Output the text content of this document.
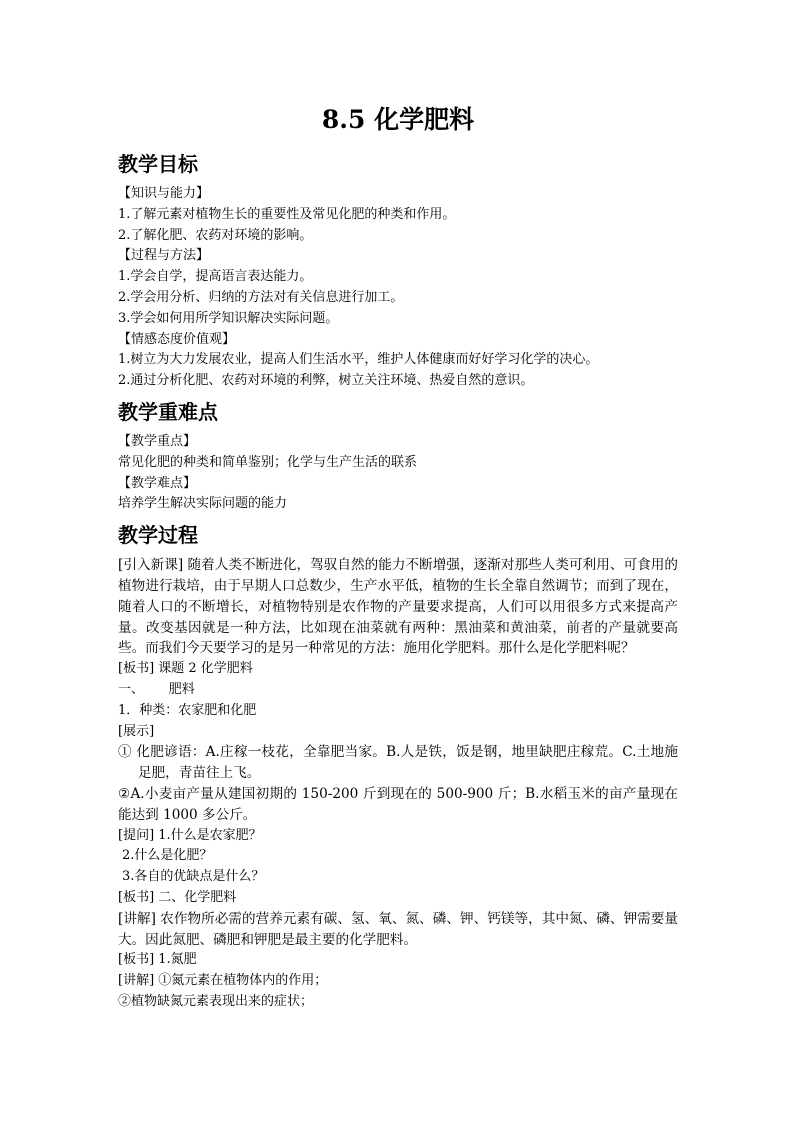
8.5 化学肥料
教学目标
【知识与能力】
1.了解元素对植物生长的重要性及常见化肥的种类和作用。
2.了解化肥、农药对环境的影响。
【过程与方法】
1.学会自学，提高语言表达能力。
2.学会用分析、归纳的方法对有关信息进行加工。
3.学会如何用所学知识解决实际问题。
【情感态度价值观】
1.树立为大力发展农业，提高人们生活水平，维护人体健康而好好学习化学的决心。
2.通过分析化肥、农药对环境的利弊，树立关注环境、热爱自然的意识。
教学重难点
【教学重点】
常见化肥的种类和简单鉴别；化学与生产生活的联系
【教学难点】
培养学生解决实际问题的能力
教学过程
[引入新课] 随着人类不断进化，驾驭自然的能力不断增强，逐渐对那些人类可利用、可食用的植物进行栽培，由于早期人口总数少，生产水平低，植物的生长全靠自然调节；而到了现在，随着人口的不断增长，对植物特别是农作物的产量要求提高，人们可以用很多方式来提高产量。改变基因就是一种方法，比如现在油菜就有两种：黑油菜和黄油菜，前者的产量就要高些。而我们今天要学习的是另一种常见的方法：施用化学肥料。那什么是化学肥料呢？
[板书] 课题 2 化学肥料
一、      肥料
1．种类：农家肥和化肥
[展示]
① 化肥谚语：A.庄稼一枝花，全靠肥当家。B.人是铁，饭是钢，地里缺肥庄稼荒。C.土地施足肥，青苗往上飞。
②A.小麦亩产量从建国初期的 150-200 斤到现在的 500-900 斤；B.水稻玉米的亩产量现在能达到 1000 多公斤。
[提问] 1.什么是农家肥？
2.什么是化肥？
3.各自的优缺点是什么？
[板书] 二、化学肥料
[讲解] 农作物所必需的营养元素有碳、氢、氧、氮、磷、钾、钙镁等，其中氮、磷、钾需要量大。因此氮肥、磷肥和钾肥是最主要的化学肥料。
[板书] 1.氮肥
[讲解] ①氮元素在植物体内的作用；
②植物缺氮元素表现出来的症状；
